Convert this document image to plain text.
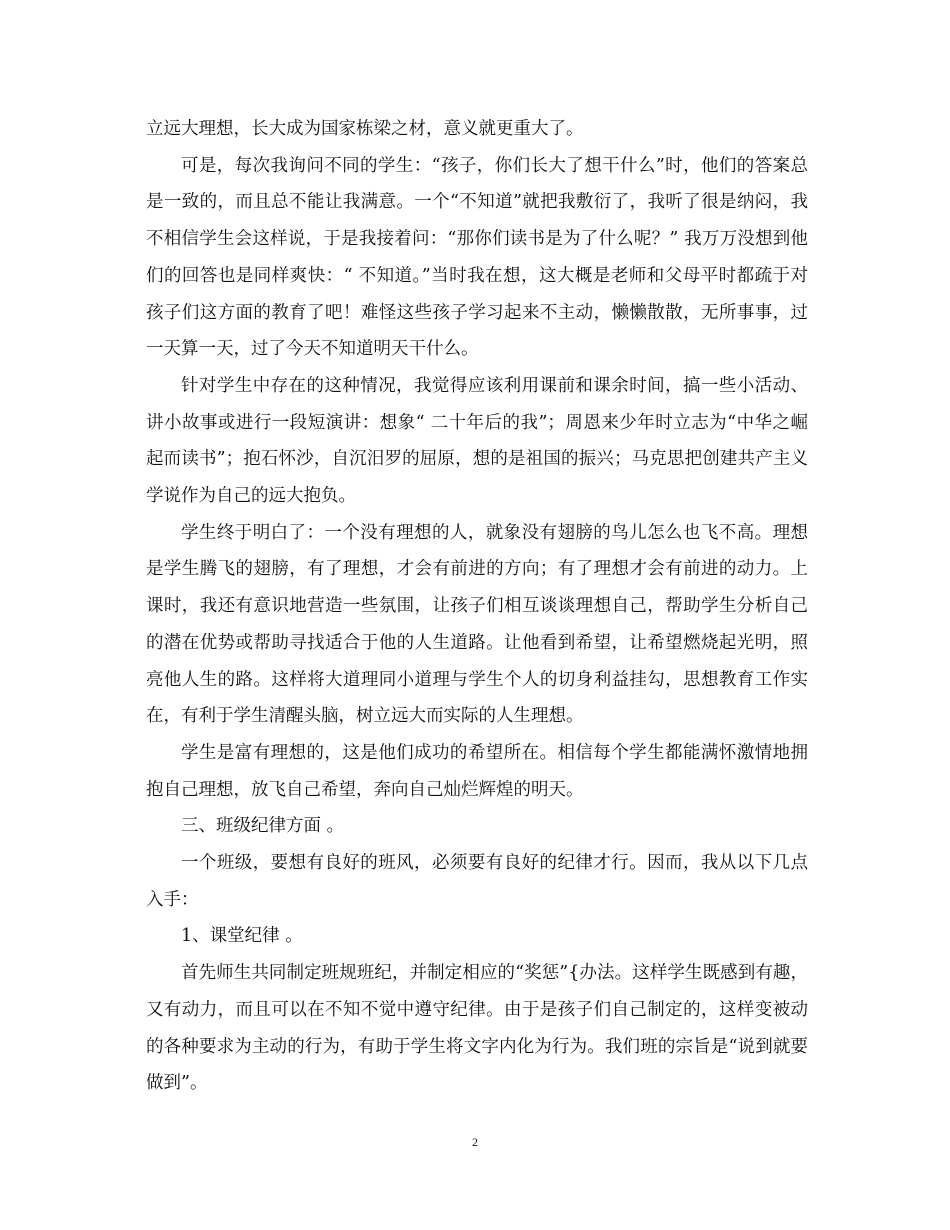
立远大理想，长大成为国家栋梁之材，意义就更重大了。

可是，每次我询问不同的学生：“孩子，你们长大了想干什么”时，他们的答案总是一致的，而且总不能让我满意。一个“不知道”就把我敷衍了，我听了很是纳闷，我不相信学生会这样说，于是我接着问：“那你们读书是为了什么呢？” 我万万没想到他们的回答也是同样爽快：“ 不知道。”当时我在想，这大概是老师和父母平时都疏于对孩子们这方面的教育了吧！难怪这些孩子学习起来不主动，懒懒散散，无所事事，过一天算一天，过了今天不知道明天干什么。

针对学生中存在的这种情况，我觉得应该利用课前和课余时间，搞一些小活动、讲小故事或进行一段短演讲：想象“ 二十年后的我”；周恩来少年时立志为“中华之崛起而读书”；抱石怀沙，自沉汨罗的屈原，想的是祖国的振兴；马克思把创建共产主义学说作为自己的远大抱负。

学生终于明白了：一个没有理想的人，就象没有翅膀的鸟儿怎么也飞不高。理想是学生腾飞的翅膀，有了理想，才会有前进的方向；有了理想才会有前进的动力。上课时，我还有意识地营造一些氛围，让孩子们相互谈谈理想自己，帮助学生分析自己的潜在优势或帮助寻找适合于他的人生道路。让他看到希望，让希望燃烧起光明，照亮他人生的路。这样将大道理同小道理与学生个人的切身利益挂勾，思想教育工作实在，有利于学生清醒头脑，树立远大而实际的人生理想。

学生是富有理想的，这是他们成功的希望所在。相信每个学生都能满怀激情地拥抱自己理想，放飞自己希望，奔向自己灿烂辉煌的明天。

三、班级纪律方面 。

一个班级，要想有良好的班风，必须要有良好的纪律才行。因而，我从以下几点入手：

1、课堂纪律 。

首先师生共同制定班规班纪，并制定相应的“奖惩”{办法。这样学生既感到有趣，又有动力，而且可以在不知不觉中遵守纪律。由于是孩子们自己制定的，这样变被动的各种要求为主动的行为，有助于学生将文字内化为行为。我们班的宗旨是“说到就要做到”。

2
